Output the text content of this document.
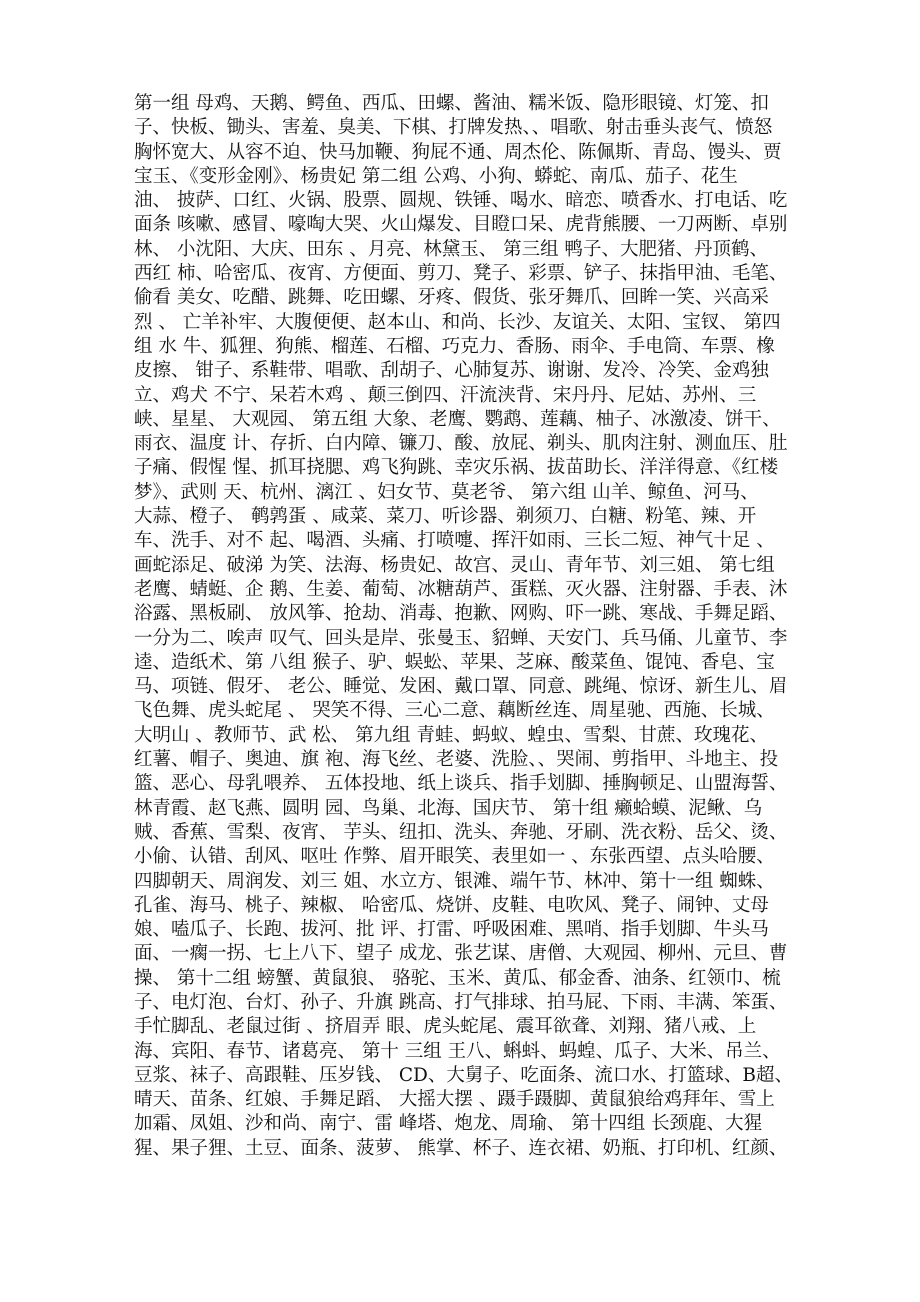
第一组 母鸡、天鹅、鳄鱼、西瓜、田螺、酱油、糯米饭、隐形眼镜、灯笼、扣
子、快板、锄头、害羞、臭美、下棋、打牌发热、、唱歌、射击垂头丧气、愤怒
胸怀宽大、从容不迫、快马加鞭、狗屁不通、周杰伦、陈佩斯、青岛、馒头、贾
宝玉、《变形金刚》、杨贵妃 第二组 公鸡、小狗、蟒蛇、南瓜、茄子、花生
油、 披萨、口红、火锅、股票、圆规、铁锤、喝水、暗恋、喷香水、打电话、吃
面条 咳嗽、感冒、嚎啕大哭、火山爆发、目瞪口呆、虎背熊腰、一刀两断、卓别
林、 小沈阳、大庆、田东 、月亮、林黛玉、 第三组 鸭子、大肥猪、丹顶鹤、
西红 柿、哈密瓜、夜宵、方便面、剪刀、凳子、彩票、铲子、抹指甲油、毛笔、
偷看 美女、吃醋、跳舞、吃田螺、牙疼、假货、张牙舞爪、回眸一笑、兴高采
烈 、 亡羊补牢、大腹便便、赵本山、和尚、长沙、友谊关、太阳、宝钗、 第四
组 水 牛、狐狸、狗熊、榴莲、石榴、巧克力、香肠、雨伞、手电筒、车票、橡
皮擦、 钳子、系鞋带、唱歌、刮胡子、心肺复苏、谢谢、发冷、冷笑、金鸡独
立、鸡犬 不宁、呆若木鸡 、颠三倒四、汗流浃背、宋丹丹、尼姑、苏州、三
峡、星星、 大观园、 第五组 大象、老鹰、鹦鹉、莲藕、柚子、冰激凌、饼干、
雨衣、温度 计、存折、白内障、镰刀、酸、放屁、剃头、肌肉注射、测血压、肚
子痛、假惺 惺、抓耳挠腮、鸡飞狗跳、幸灾乐祸、拔苗助长、洋洋得意、《红楼
梦》、武则 天、杭州、漓江 、妇女节、莫老爷、 第六组 山羊、鲸鱼、河马、
大蒜、橙子、 鹌鹑蛋 、咸菜、菜刀、听诊器、剃须刀、白糖、粉笔、辣、开
车、洗手、对不 起、喝酒、头痛、打喷嚏、挥汗如雨、三长二短、神气十足 、
画蛇添足、破涕 为笑、法海、杨贵妃、故宫、灵山、青年节、刘三姐、 第七组
老鹰、蜻蜓、企 鹅、生姜、葡萄、冰糖葫芦、蛋糕、灭火器、注射器、手表、沐
浴露、黑板刷、 放风筝、抢劫、消毒、抱歉、网购、吓一跳、寒战、手舞足蹈、
一分为二、唉声 叹气、回头是岸、张曼玉、貂蝉、天安门、兵马俑、儿童节、李
逵、造纸术、第 八组 猴子、驴、蜈蚣、苹果、芝麻、酸菜鱼、馄饨、香皂、宝
马、项链、假牙、 老公、睡觉、发困、戴口罩、同意、跳绳、惊讶、新生儿、眉
飞色舞、虎头蛇尾 、 哭笑不得、三心二意、藕断丝连、周星驰、西施、长城、
大明山 、教师节、武 松、 第九组 青蛙、蚂蚁、蝗虫、雪梨、甘蔗、玫瑰花、
红薯、帽子、奥迪、旗 袍、海飞丝、老婆、洗脸、、哭闹、剪指甲、斗地主、投
篮、恶心、母乳喂养、 五体投地、纸上谈兵、指手划脚、捶胸顿足、山盟海誓、
林青霞、赵飞燕、圆明 园、鸟巢、北海、国庆节、 第十组 癞蛤蟆、泥鳅、乌
贼、香蕉、雪梨、夜宵、 芋头、纽扣、洗头、奔驰、牙刷、洗衣粉、岳父、烫、
小偷、认错、刮风、呕吐 作弊、眉开眼笑、表里如一 、东张西望、点头哈腰、
四脚朝天、周润发、刘三 姐、水立方、银滩、端午节、林冲、第十一组 蜘蛛、
孔雀、海马、桃子、辣椒、 哈密瓜、烧饼、皮鞋、电吹风、凳子、闹钟、丈母
娘、嗑瓜子、长跑、拔河、批 评、打雷、呼吸困难、黑哨、指手划脚、牛头马
面、一瘸一拐、七上八下、望子 成龙、张艺谋、唐僧、大观园、柳州、元旦、曹
操、 第十二组 螃蟹、黄鼠狼、 骆驼、玉米、黄瓜、郁金香、油条、红领巾、梳
子、电灯泡、台灯、孙子、升旗 跳高、打气排球、拍马屁、下雨、丰满、笨蛋、
手忙脚乱、老鼠过街 、挤眉弄 眼、虎头蛇尾、震耳欲聋、刘翔、猪八戒、上
海、宾阳、春节、诸葛亮、 第十 三组 王八、蝌蚪、蚂蝗、瓜子、大米、吊兰、
豆浆、袜子、高跟鞋、压岁钱、 CD、大舅子、吃面条、流口水、打篮球、B超、
晴天、苗条、红娘、手舞足蹈、 大摇大摆 、蹑手蹑脚、黄鼠狼给鸡拜年、雪上
加霜、凤姐、沙和尚、南宁、雷 峰塔、炮龙、周瑜、 第十四组 长颈鹿、大猩
猩、果子狸、土豆、面条、菠萝、 熊掌、杯子、连衣裙、奶瓶、打印机、红颜、
